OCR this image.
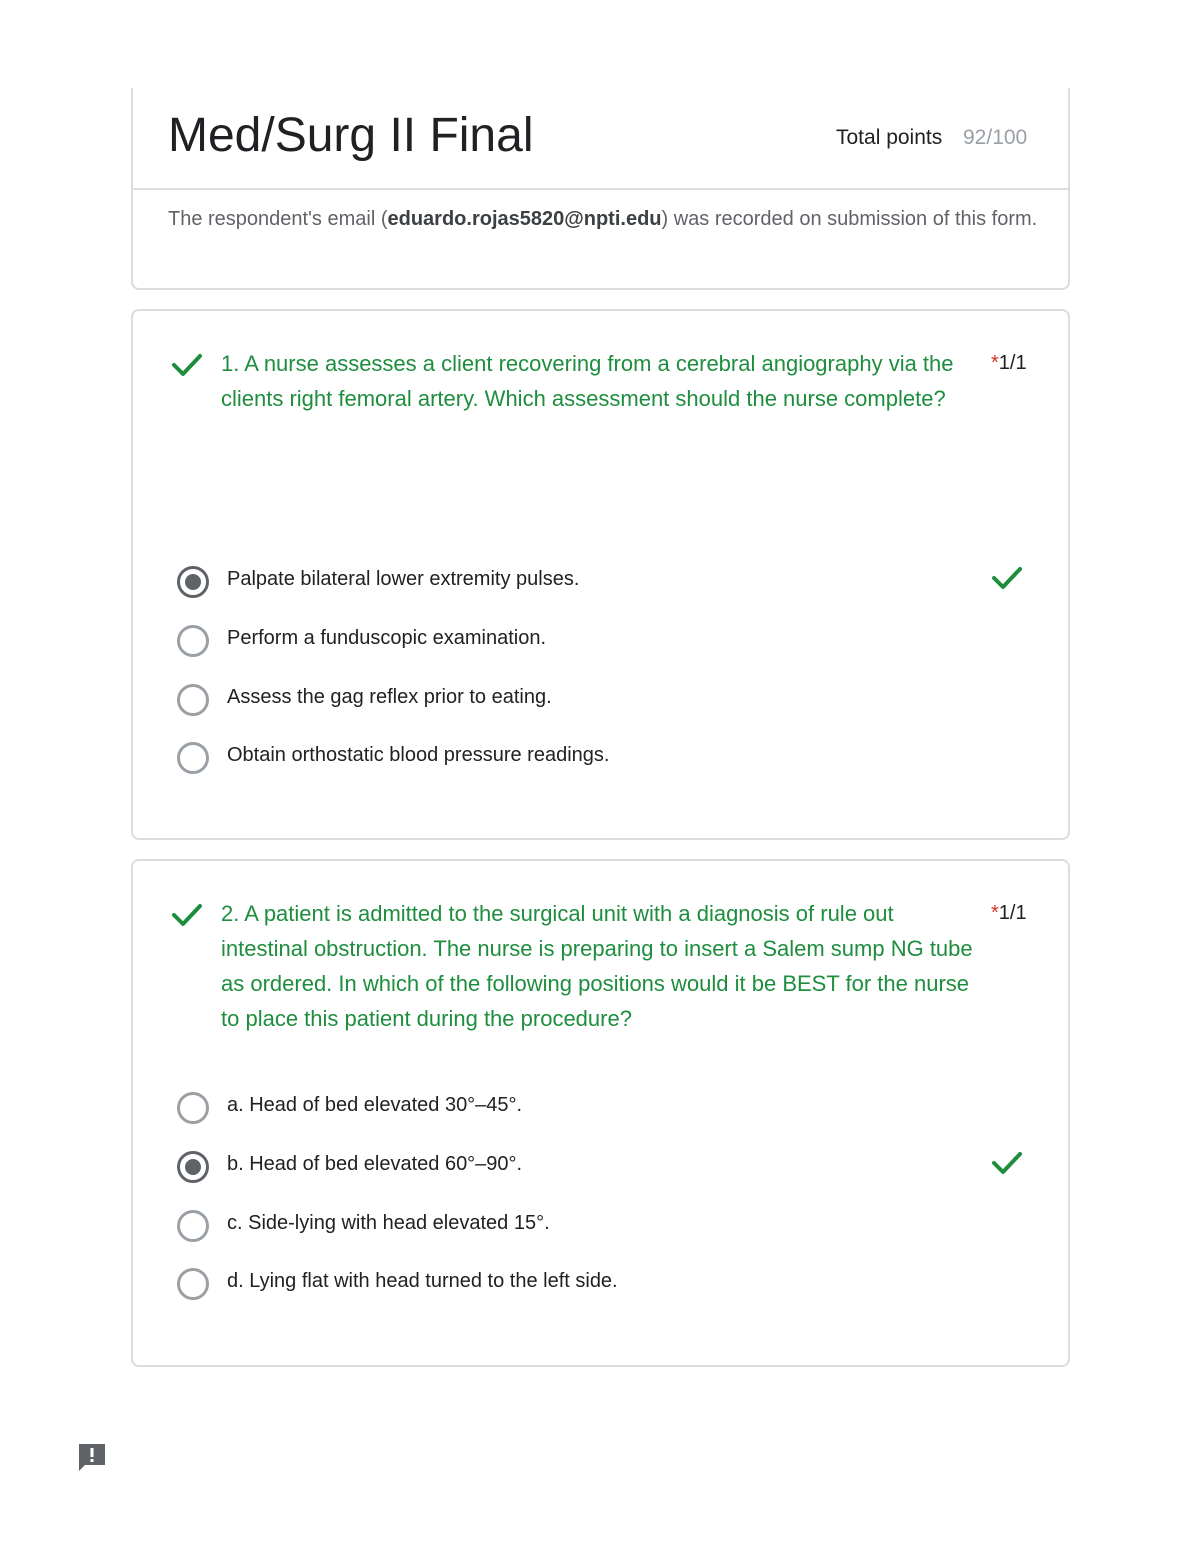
Med/Surg II Final	Total points 92/100
The respondent's email (eduardo.rojas5820@npti.edu) was recorded on submission of this form.
1. A nurse assesses a client recovering from a cerebral angiography via the clients right femoral artery. Which assessment should the nurse complete?
*1/1
Palpate bilateral lower extremity pulses.
Perform a funduscopic examination.
Assess the gag reflex prior to eating.
Obtain orthostatic blood pressure readings.
2. A patient is admitted to the surgical unit with a diagnosis of rule out intestinal obstruction. The nurse is preparing to insert a Salem sump NG tube as ordered. In which of the following positions would it be BEST for the nurse to place this patient during the procedure?
*1/1
a. Head of bed elevated 30°–45°.
b. Head of bed elevated 60°–90°.
c. Side-lying with head elevated 15°.
d. Lying flat with head turned to the left side.
